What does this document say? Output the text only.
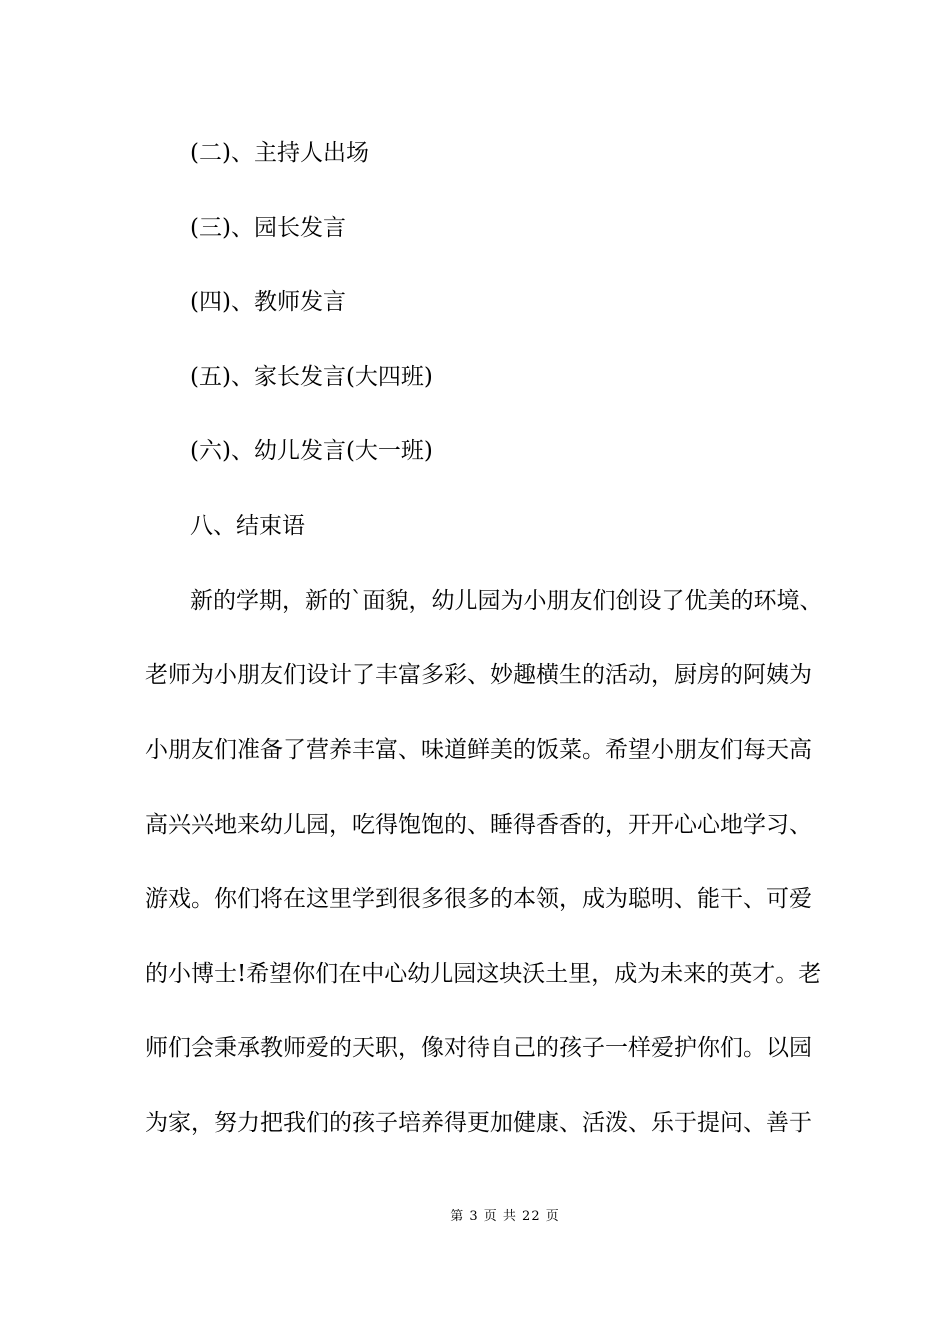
(二)、主持人出场
(三)、园长发言
(四)、教师发言
(五)、家长发言(大四班)
(六)、幼儿发言(大一班)
八、结束语
新的学期，新的`面貌，幼儿园为小朋友们创设了优美的环境、
老师为小朋友们设计了丰富多彩、妙趣横生的活动，厨房的阿姨为
小朋友们准备了营养丰富、味道鲜美的饭菜。希望小朋友们每天高
高兴兴地来幼儿园，吃得饱饱的、睡得香香的，开开心心地学习、
游戏。你们将在这里学到很多很多的本领，成为聪明、能干、可爱
的小博士!希望你们在中心幼儿园这块沃土里，成为未来的英才。老
师们会秉承教师爱的天职，像对待自己的孩子一样爱护你们。以园
为家，努力把我们的孩子培养得更加健康、活泼、乐于提问、善于
第 3 页 共 22 页
